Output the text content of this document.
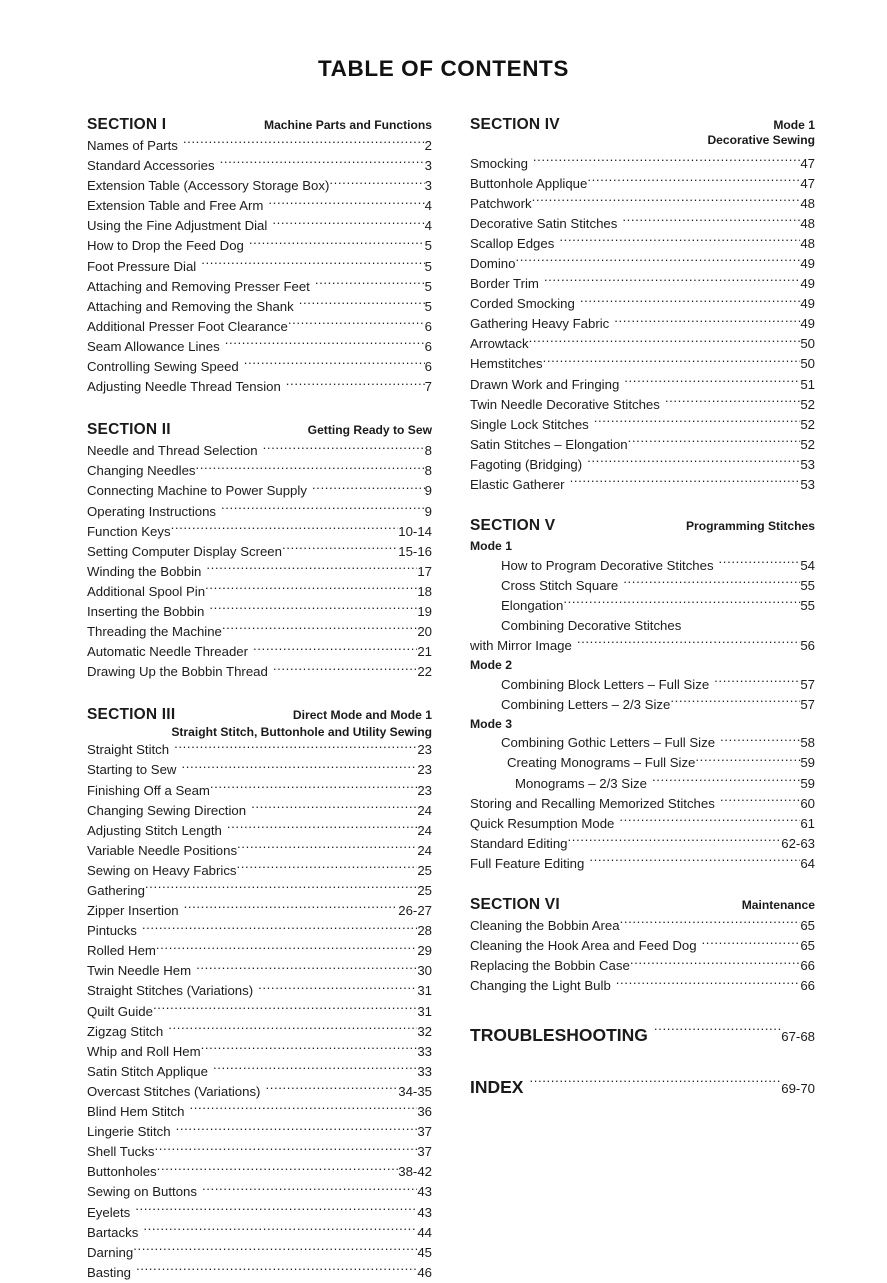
TABLE OF CONTENTS
SECTION I	Machine Parts and Functions
Names of Parts .....	2
Standard Accessories .....	3
Extension Table (Accessory Storage Box) .....	3
Extension Table and Free Arm .....	4
Using the Fine Adjustment Dial .....	4
How to Drop the Feed Dog .....	5
Foot Pressure Dial .....	5
Attaching and Removing Presser Feet .....	5
Attaching and Removing the Shank .....	5
Additional Presser Foot Clearance .....	6
Seam Allowance Lines .....	6
Controlling Sewing Speed .....	6
Adjusting Needle Thread Tension .....	7
SECTION II	Getting Ready to Sew
Needle and Thread Selection .....	8
Changing Needles .....	8
Connecting Machine to Power Supply .....	9
Operating Instructions .....	9
Function Keys .....	10-14
Setting Computer Display Screen .....	15-16
Winding the Bobbin .....	17
Additional Spool Pin .....	18
Inserting the Bobbin .....	19
Threading the Machine .....	20
Automatic Needle Threader .....	21
Drawing Up the Bobbin Thread .....	22
SECTION III	Direct Mode and Mode 1
Straight Stitch, Buttonhole and Utility Sewing
Straight Stitch .....	23
Starting to Sew .....	23
Finishing Off a Seam .....	23
Changing Sewing Direction .....	24
Adjusting Stitch Length .....	24
Variable Needle Positions .....	24
Sewing on Heavy Fabrics .....	25
Gathering .....	25
Zipper Insertion .....	26-27
Pintucks .....	28
Rolled Hem .....	29
Twin Needle Hem .....	30
Straight Stitches (Variations) .....	31
Quilt Guide .....	31
Zigzag Stitch .....	32
Whip and Roll Hem .....	33
Satin Stitch Applique .....	33
Overcast Stitches (Variations) .....	34-35
Blind Hem Stitch .....	36
Lingerie Stitch .....	37
Shell Tucks .....	37
Buttonholes .....	38-42
Sewing on Buttons .....	43
Eyelets .....	43
Bartacks .....	44
Darning .....	45
Basting .....	46
SECTION IV	Mode 1
Decorative Sewing
Smocking .....	47
Buttonhole Applique .....	47
Patchwork .....	48
Decorative Satin Stitches .....	48
Scallop Edges .....	48
Domino .....	49
Border Trim .....	49
Corded Smocking .....	49
Gathering Heavy Fabric .....	49
Arrowtack .....	50
Hemstitches .....	50
Drawn Work and Fringing .....	51
Twin Needle Decorative Stitches .....	52
Single Lock Stitches .....	52
Satin Stitches – Elongation .....	52
Fagoting (Bridging) .....	53
Elastic Gatherer .....	53
SECTION V	Programming Stitches
Mode 1
How to Program Decorative Stitches .....	54
Cross Stitch Square .....	55
Elongation .....	55
Combining Decorative Stitches
with Mirror Image .....	56
Mode 2
Combining Block Letters – Full Size .....	57
Combining Letters – 2/3 Size .....	57
Mode 3
Combining Gothic Letters – Full Size .....	58
Creating Monograms – Full Size .....	59
Monograms – 2/3 Size .....	59
Storing and Recalling Memorized Stitches .....	60
Quick Resumption Mode .....	61
Standard Editing .....	62-63
Full Feature Editing .....	64
SECTION VI	Maintenance
Cleaning the Bobbin Area .....	65
Cleaning the Hook Area and Feed Dog .....	65
Replacing the Bobbin Case .....	66
Changing the Light Bulb .....	66
TROUBLESHOOTING .....	67-68
INDEX .....	69-70
